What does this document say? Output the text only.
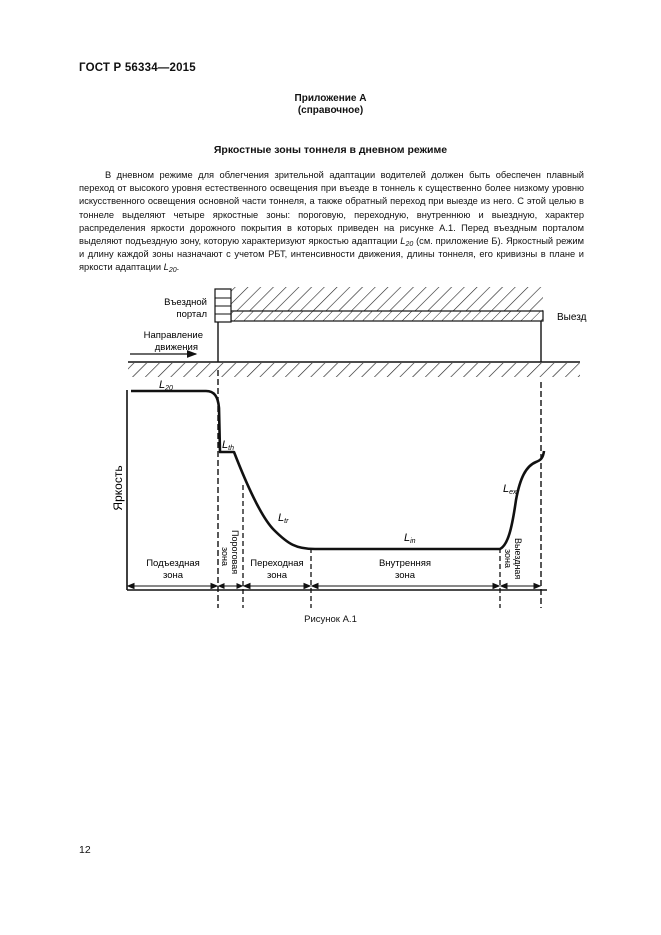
ГОСТ Р 56334—2015
Приложение А
(справочное)
Яркостные зоны тоннеля в дневном режиме
В дневном режиме для облегчения зрительной адаптации водителей должен быть обеспечен плавный переход от высокого уровня естественного освещения при въезде в тоннель к существенно более низкому уровню искусственного освещения основной части тоннеля, а также обратный переход при выезде из него. С этой целью в тоннеле выделяют четыре яркостные зоны: пороговую, переходную, внутреннюю и выездную, характер распределения яркости дорожного покрытия в которых приведен на рисунке А.1. Перед въездным порталом выделяют подъездную зону, которую характеризуют яркостью адаптации $L_{20}$ (см. приложение Б). Яркостный режим и длину каждой зоны назначают с учетом РБТ, интенсивности движения, длины тоннеля, его кривизны в плане и яркости адаптации $L_{20}$.
Въездной
портал
Направление
движения
Выезд
Яркость
L20
Lth
Ltr
Lin
Lex
Подъездная
зона
Пороговая
зона Переходная
зона
Внутренняя
зона	Выездная
зона
Рисунок А.1
12
